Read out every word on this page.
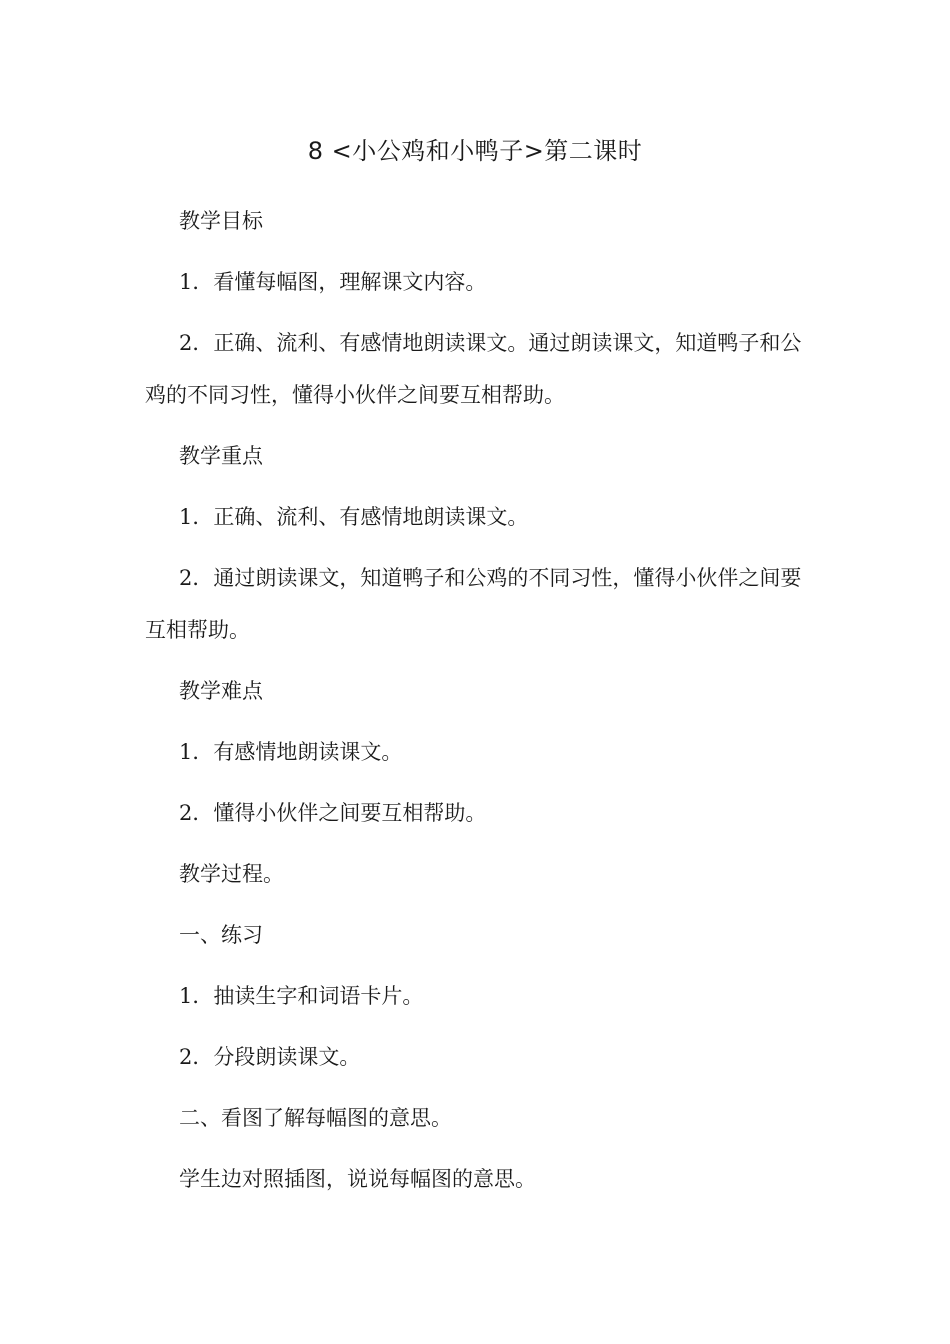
8 <小公鸡和小鸭子>第二课时

教学目标

1．看懂每幅图，理解课文内容。

2．正确、流利、有感情地朗读课文。通过朗读课文，知道鸭子和公鸡的不同习性，懂得小伙伴之间要互相帮助。

教学重点

1．正确、流利、有感情地朗读课文。

2．通过朗读课文，知道鸭子和公鸡的不同习性，懂得小伙伴之间要互相帮助。

教学难点

1．有感情地朗读课文。

2．懂得小伙伴之间要互相帮助。

教学过程。

一、练习

1．抽读生字和词语卡片。

2．分段朗读课文。

二、看图了解每幅图的意思。

学生边对照插图，说说每幅图的意思。
